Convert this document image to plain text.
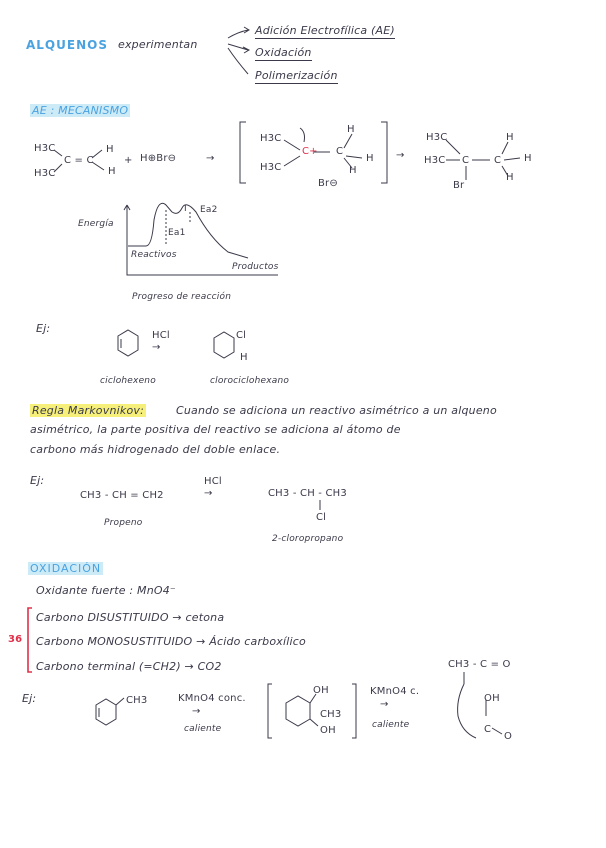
ALQUENOS experimentan
Adición Electrofílica (AE)
Oxidación
Polimerización
AE : MECANISMO
H3C
H3C
C = C
H
H
+ H⊕Br⊖	→
H3C
H3C
C+ C
H
H
H
Br⊖
→
H3C
H3C C C
H
H
H
Br
Energía
Progreso de reacción
Ea1
Ea2
I
Reactivos
Productos
Ej:
HCl
→
Cl
H
ciclohexeno	clorociclohexano
Regla Markovnikov:	Cuando se adiciona un reactivo asimétrico a un alqueno
asimétrico, la parte positiva del reactivo se adiciona al átomo de
carbono más hidrogenado del doble enlace.
Ej:
CH3 - CH = CH2
HCl
→	CH3 - CH - CH3
Cl
Propeno
2-cloropropano
OXIDACIÓN
Oxidante fuerte : MnO4⁻
36
Carbono DISUSTITUIDO → cetona
Carbono MONOSUSTITUIDO → Ácido carboxílico
Carbono terminal (=CH2) → CO2
Ej:	CH3	KMnO4 conc.
→
caliente
OH
CH3
OH
KMnO4 c.
→
caliente
CH3 - C = O
OH
C
O
